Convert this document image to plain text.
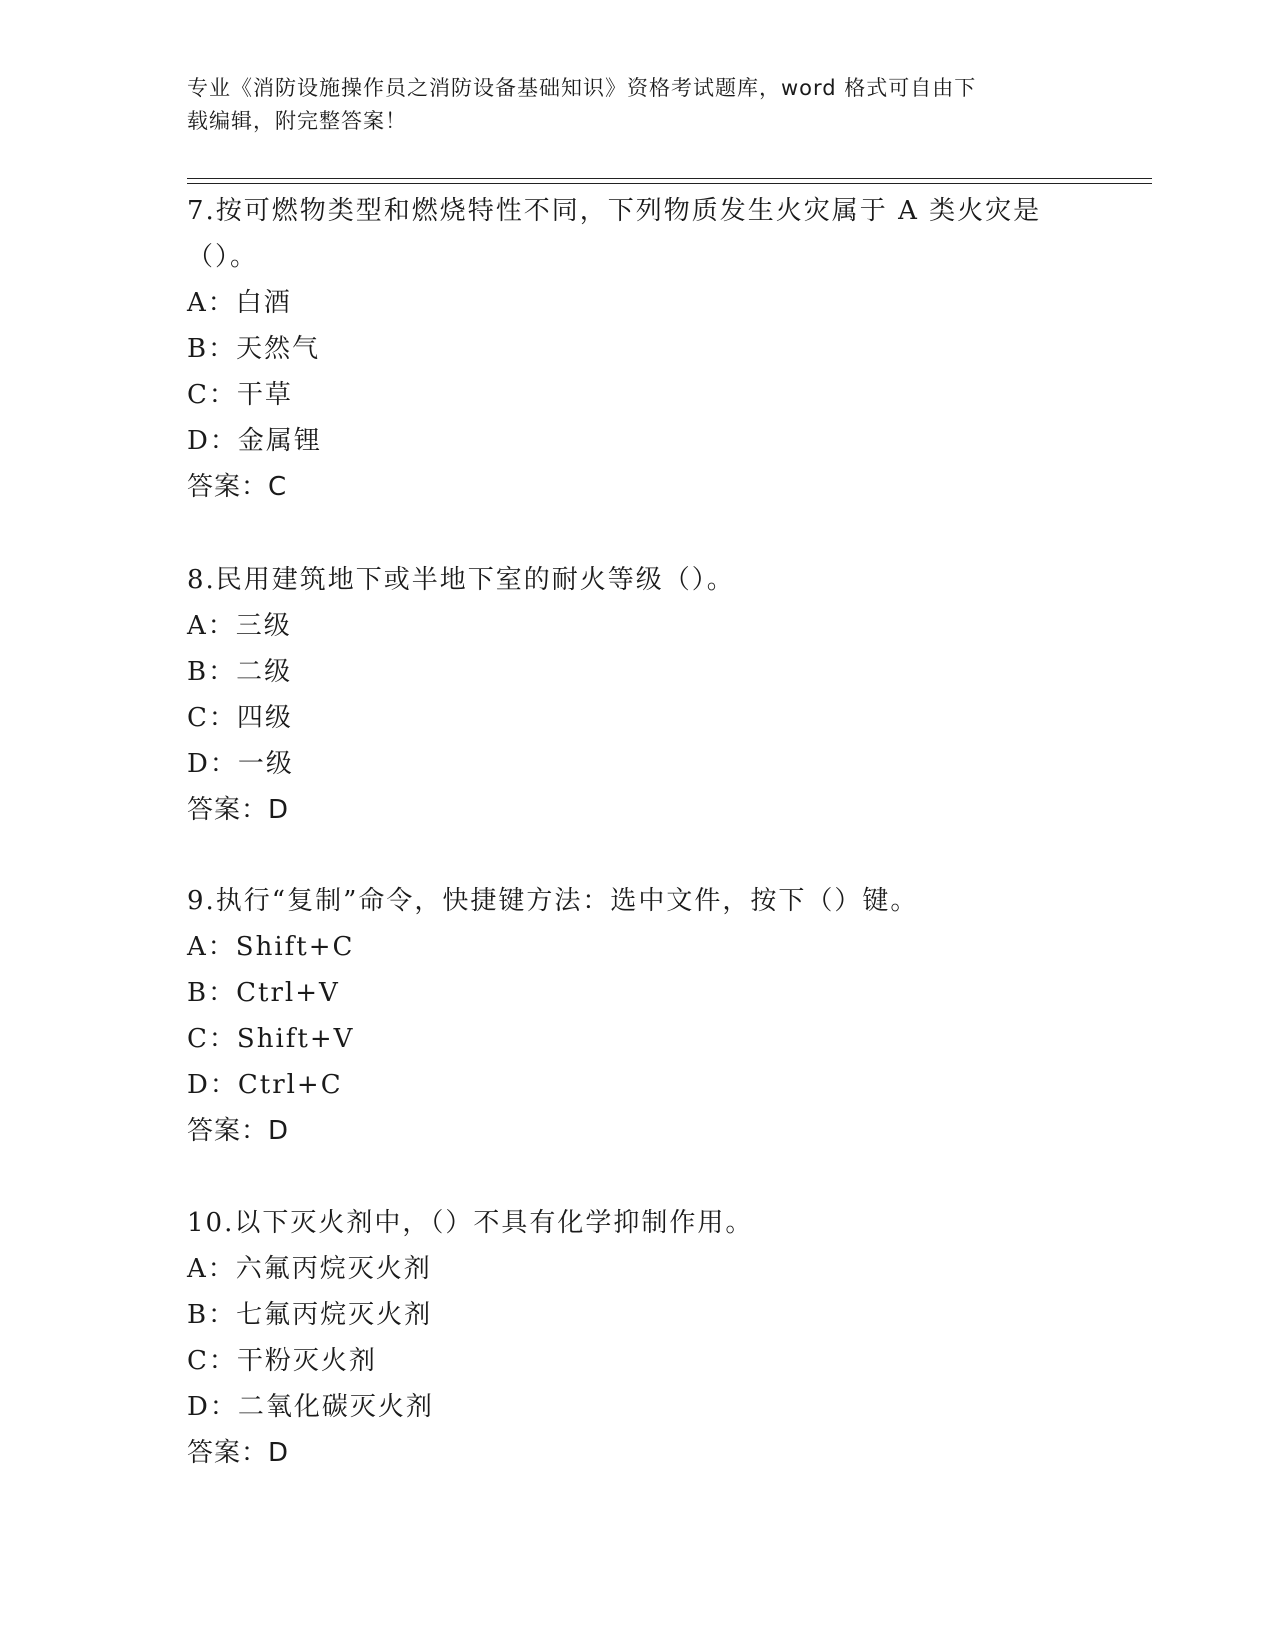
专业《消防设施操作员之消防设备基础知识》资格考试题库，word 格式可自由下
载编辑，附完整答案！
7.按可燃物类型和燃烧特性不同，下列物质发生火灾属于 A 类火灾是
（）。
A：白酒
B：天然气
C：干草
D：金属锂
答案：C
8.民用建筑地下或半地下室的耐火等级（）。
A：三级
B：二级
C：四级
D：一级
答案：D
9.执行“复制”命令，快捷键方法：选中文件，按下（）键。
A：Shift+C
B：Ctrl+V
C：Shift+V
D：Ctrl+C
答案：D
10.以下灭火剂中，（）不具有化学抑制作用。
A：六氟丙烷灭火剂
B：七氟丙烷灭火剂
C：干粉灭火剂
D：二氧化碳灭火剂
答案：D
